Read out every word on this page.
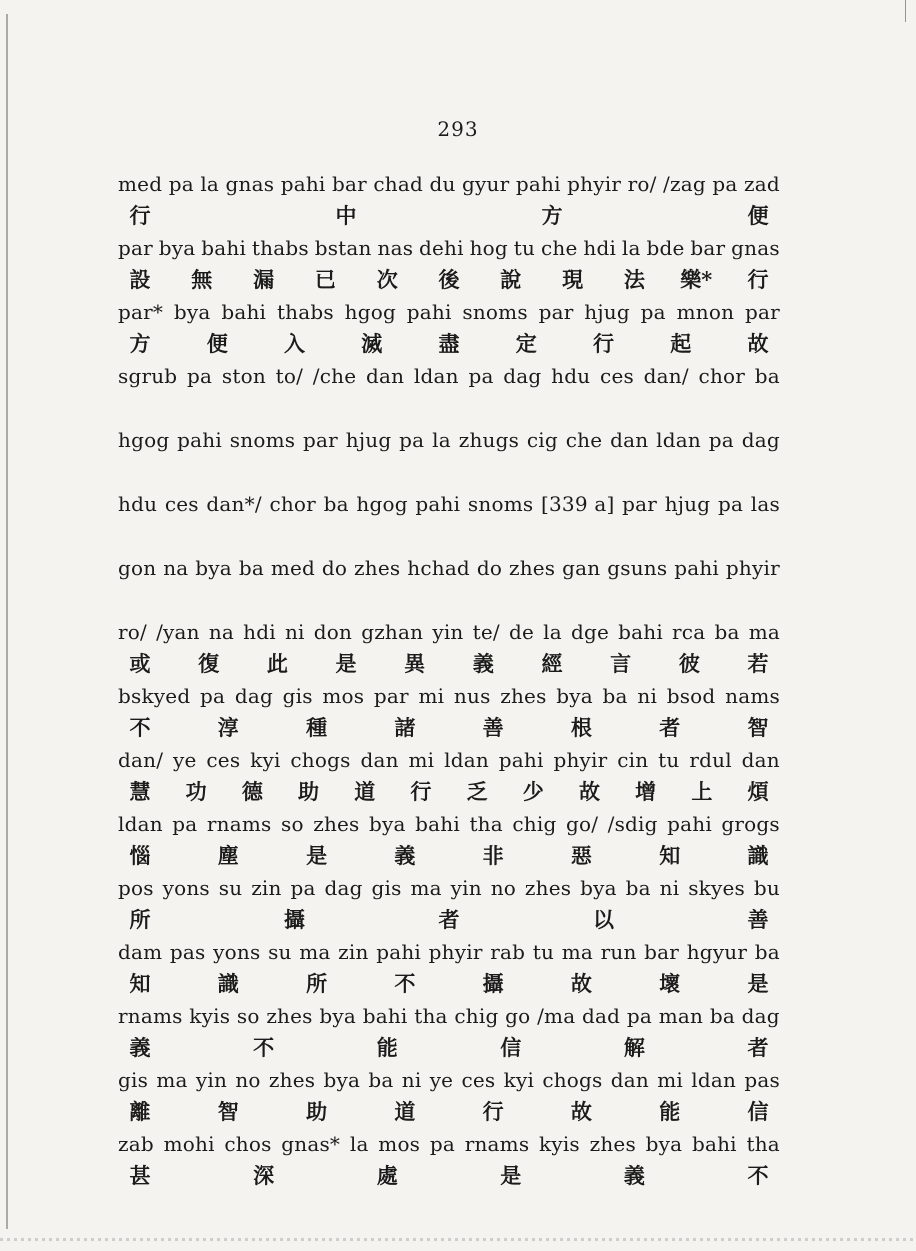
293
med pa la gnas pahi bar chad du gyur pahi phyir ro/ /zag pa zad
行	中	方	便
par bya bahi thabs bstan nas dehi hog tu che hdi la bde bar gnas
設 無 漏 已 次 後 說 現 法 樂* 行
par* bya bahi thabs hgog pahi snoms par hjug pa mnon par
方	便	入	滅	盡	定	行	起	故
sgrub pa ston to/ /che dan ldan pa dag hdu ces dan/ chor ba
hgog pahi snoms par hjug pa la zhugs cig che dan ldan pa dag
hdu ces dan*/ chor ba hgog pahi snoms [339 a] par hjug pa las
gon na bya ba med do zhes hchad do zhes gan gsuns pahi phyir
ro/ /yan na hdi ni don gzhan yin te/ de la dge bahi rca ba ma
或 復 此 是 異 義 經 言 彼 若
bskyed pa dag gis mos par mi nus zhes bya ba ni bsod nams
不	淳	種	諸	善	根	者	智
dan/ ye ces kyi chogs dan mi ldan pahi phyir cin tu rdul dan
慧 功 德 助 道 行 乏 少 故 增 上 煩
ldan pa rnams so zhes bya bahi tha chig go/ /sdig pahi grogs
惱	塵	是	義	非	惡	知	識
pos yons su zin pa dag gis ma yin no zhes bya ba ni skyes bu
所	攝	者	以	善
dam pas yons su ma zin pahi phyir rab tu ma run bar hgyur ba
知	識	所	不	攝	故	壞	是
rnams kyis so zhes bya bahi tha chig go /ma dad pa man ba dag
義	不	能	信	解	者
gis ma yin no zhes bya ba ni ye ces kyi chogs dan mi ldan pas
離	智	助	道	行	故	能	信
zab mohi chos gnas* la mos pa rnams kyis zhes bya bahi tha
甚	深	處	是	義	不
